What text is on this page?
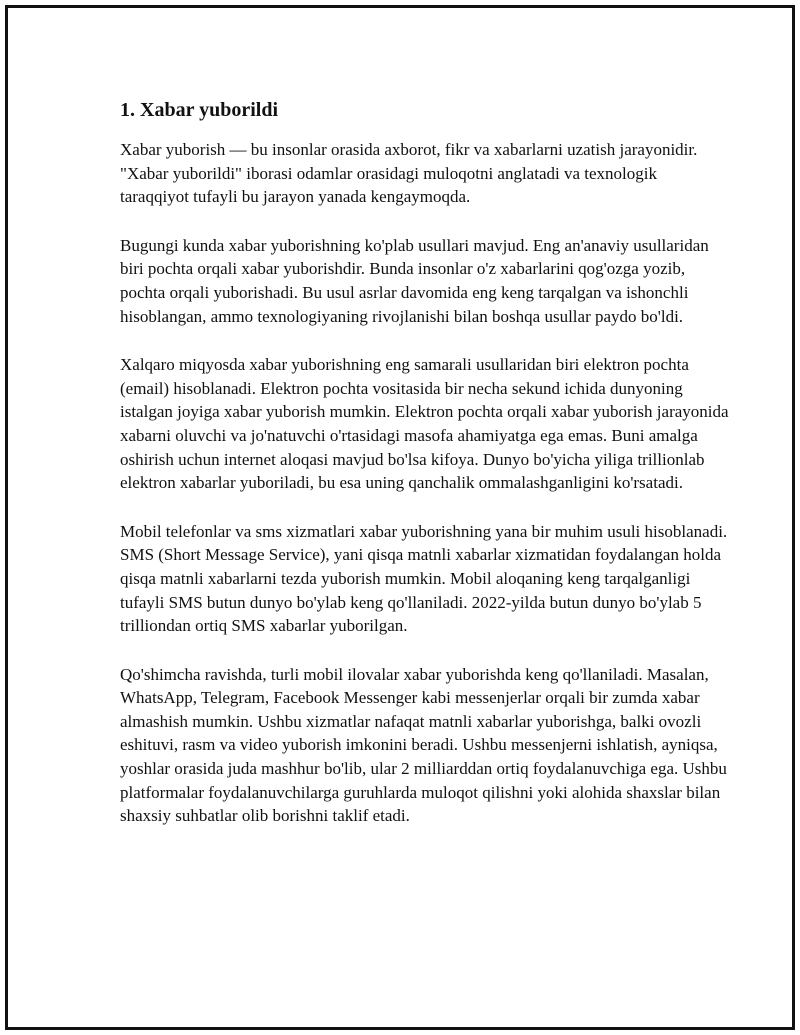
1. Xabar yuborildi

Xabar yuborish — bu insonlar orasida axborot, fikr va xabarlarni uzatish jarayonidir. "Xabar yuborildi" iborasi odamlar orasidagi muloqotni anglatadi va texnologik taraqqiyot tufayli bu jarayon yanada kengaymoqda.

Bugungi kunda xabar yuborishning ko'plab usullari mavjud. Eng an'anaviy usullaridan biri pochta orqali xabar yuborishdir. Bunda insonlar o'z xabarlarini qog'ozga yozib, pochta orqali yuborishadi. Bu usul asrlar davomida eng keng tarqalgan va ishonchli hisoblangan, ammo texnologiyaning rivojlanishi bilan boshqa usullar paydo bo'ldi.

Xalqaro miqyosda xabar yuborishning eng samarali usullaridan biri elektron pochta (email) hisoblanadi. Elektron pochta vositasida bir necha sekund ichida dunyoning istalgan joyiga xabar yuborish mumkin. Elektron pochta orqali xabar yuborish jarayonida xabarni oluvchi va jo'natuvchi o'rtasidagi masofa ahamiyatga ega emas. Buni amalga oshirish uchun internet aloqasi mavjud bo'lsa kifoya. Dunyo bo'yicha yiliga trillionlab elektron xabarlar yuboriladi, bu esa uning qanchalik ommalashganligini ko'rsatadi.

Mobil telefonlar va sms xizmatlari xabar yuborishning yana bir muhim usuli hisoblanadi. SMS (Short Message Service), yani qisqa matnli xabarlar xizmatidan foydalangan holda qisqa matnli xabarlarni tezda yuborish mumkin. Mobil aloqaning keng tarqalganligi tufayli SMS butun dunyo bo'ylab keng qo'llaniladi. 2022-yilda butun dunyo bo'ylab 5 trilliondan ortiq SMS xabarlar yuborilgan.

Qo'shimcha ravishda, turli mobil ilovalar xabar yuborishda keng qo'llaniladi. Masalan, WhatsApp, Telegram, Facebook Messenger kabi messenjerlar orqali bir zumda xabar almashish mumkin. Ushbu xizmatlar nafaqat matnli xabarlar yuborishga, balki ovozli eshituvi, rasm va video yuborish imkonini beradi. Ushbu messenjerni ishlatish, ayniqsa, yoshlar orasida juda mashhur bo'lib, ular 2 milliarddan ortiq foydalanuvchiga ega. Ushbu platformalar foydalanuvchilarga guruhlarda muloqot qilishni yoki alohida shaxslar bilan shaxsiy suhbatlar olib borishni taklif etadi.
